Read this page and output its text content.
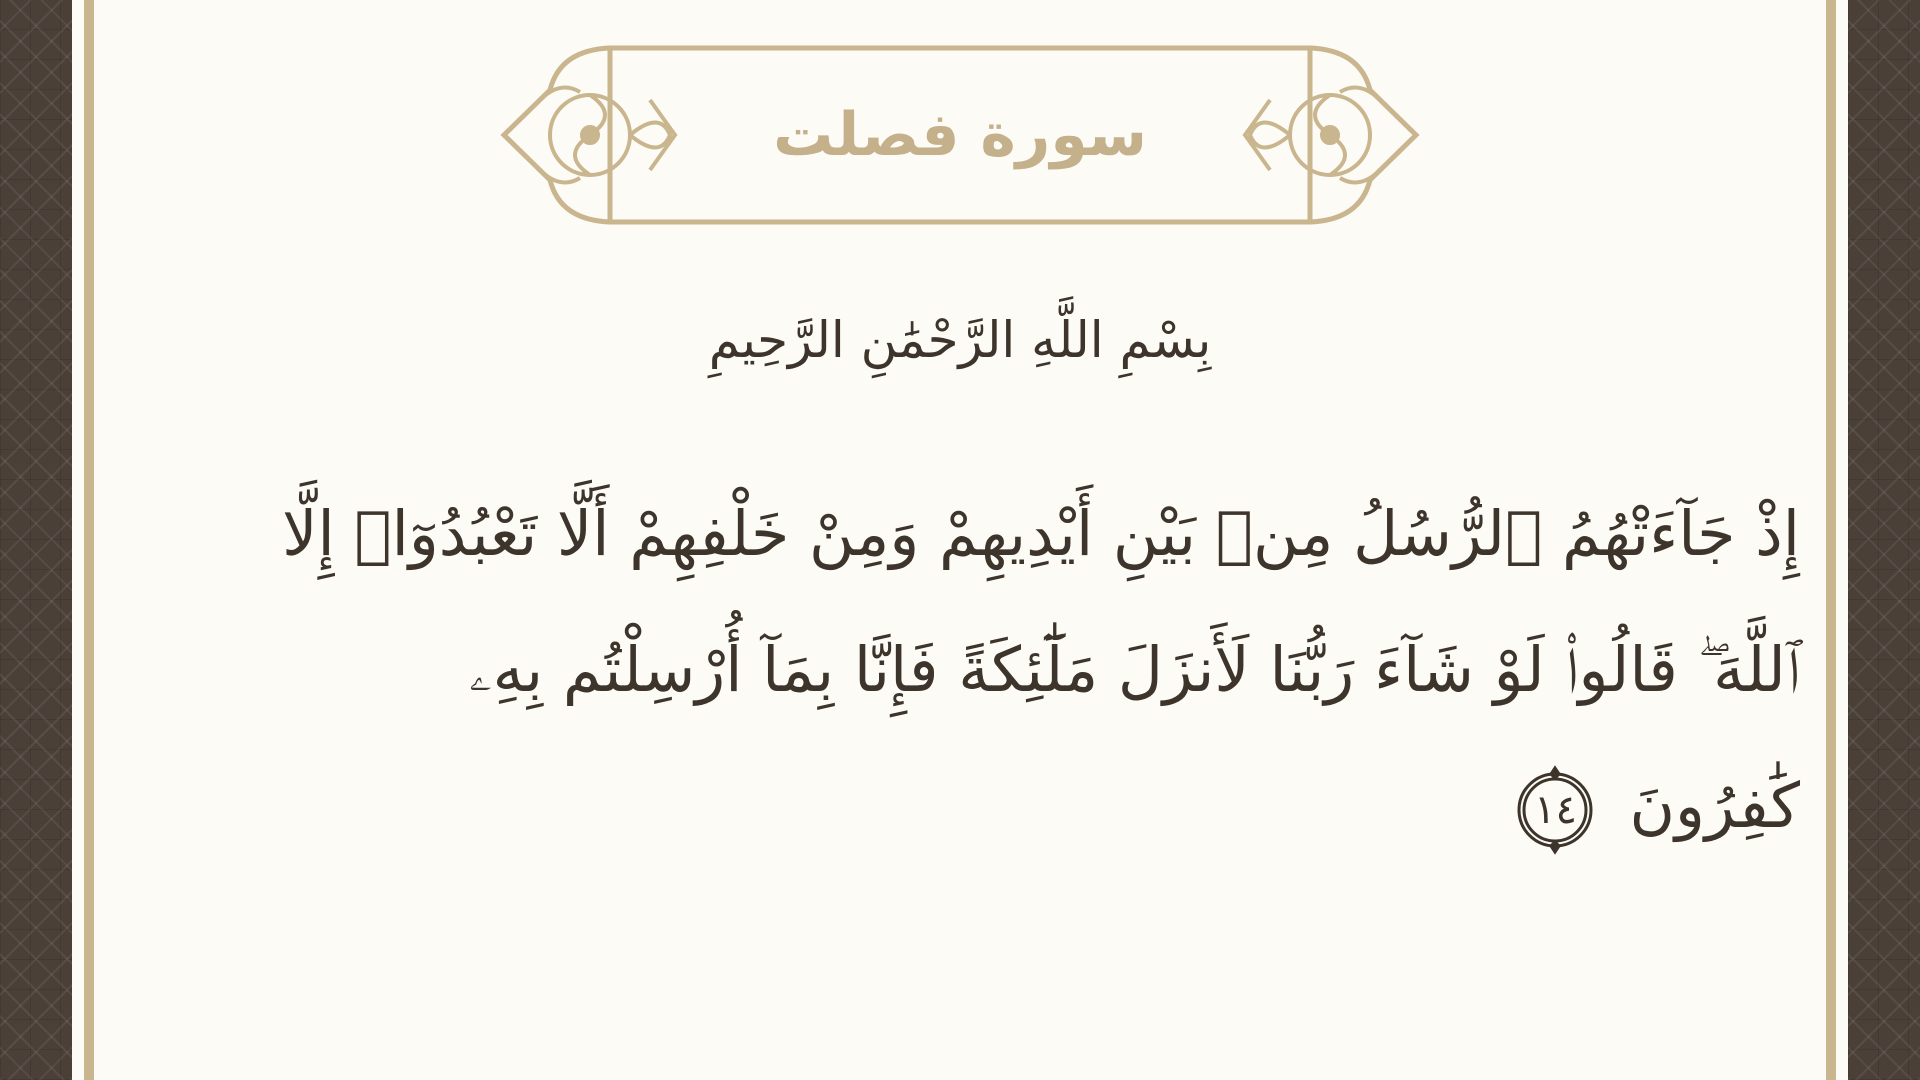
سورة فصلت
بِسْمِ اللَّهِ الرَّحْمَٰنِ الرَّحِيمِ
إِذْ جَآءَتْهُمُ ٱلرُّسُلُ مِنۢ بَيْنِ أَيْدِيهِمْ وَمِنْ خَلْفِهِمْ أَلَّا تَعْبُدُوٓا۟ إِلَّا
ٱللَّهَ ۖ قَالُوا۟ لَوْ شَآءَ رَبُّنَا لَأَنزَلَ مَلَٰٓئِكَةً فَإِنَّا بِمَآ أُرْسِلْتُم بِهِۦ
كَٰفِرُونَ
١٤
